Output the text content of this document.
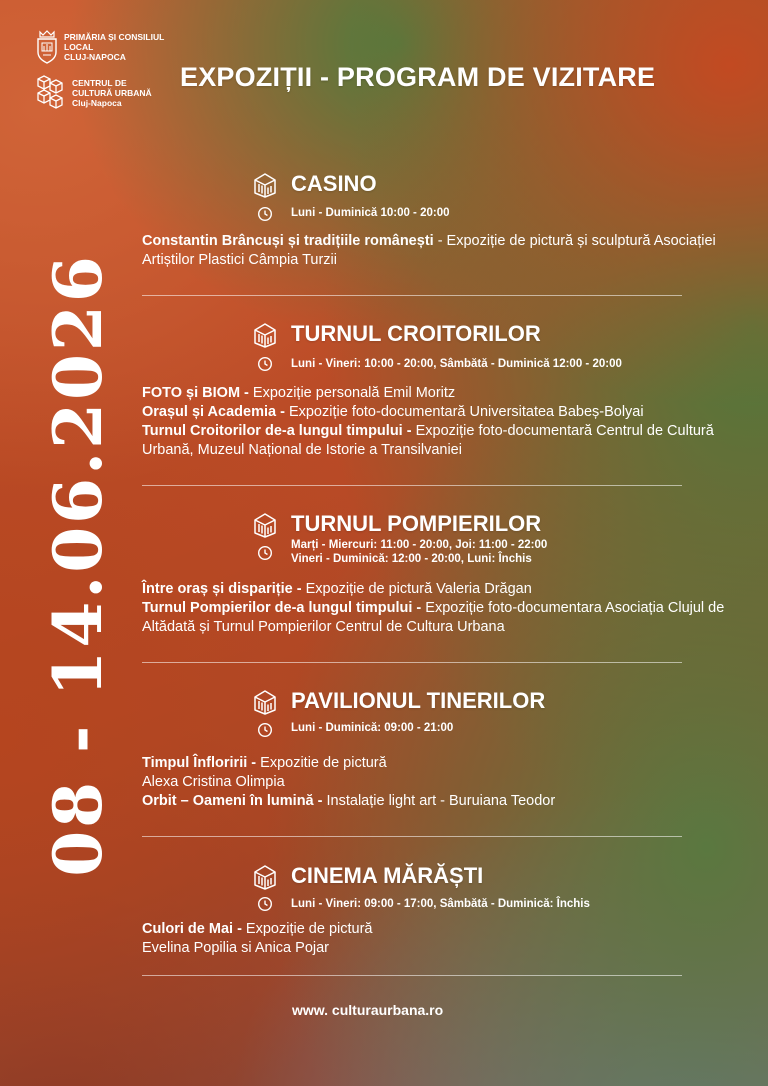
PRIMĂRIA ȘI CONSILIUL LOCAL
CLUJ-NAPOCA
CENTRUL DE CULTURĂ URBANĂ
Cluj-Napoca
EXPOZIȚII - PROGRAM DE VIZITARE
08 - 14.06.2026
CASINO
Luni - Duminică 10:00 - 20:00

Constantin Brâncuși și tradițiile românești - Expoziție de pictură și sculptură Asociației Artiștilor Plastici Câmpia Turzii

TURNUL CROITORILOR
Luni - Vineri: 10:00 - 20:00, Sâmbătă - Duminică 12:00 - 20:00

FOTO și BIOM - Expoziție personală Emil Moritz

Orașul și Academia - Expoziție foto-documentară Universitatea Babeș-Bolyai

Turnul Croitorilor de-a lungul timpului - Expoziție foto-documentară Centrul de Cultură Urbană, Muzeul Național de Istorie a Transilvaniei

TURNUL POMPIERILOR
Marți - Miercuri: 11:00 - 20:00, Joi: 11:00 - 22:00
Vineri - Duminică: 12:00 - 20:00, Luni: Închis

Între oraș și dispariție - Expoziție de pictură Valeria Drăgan

Turnul Pompierilor de-a lungul timpului - Expoziție foto-documentara Asociația Clujul de Altădată și Turnul Pompierilor Centrul de Cultura Urbana

PAVILIONUL TINERILOR
Luni - Duminică: 09:00 - 21:00

Timpul Înfloririi - Expozitie de pictură

Alexa Cristina Olimpia

Orbit – Oameni în lumină - Instalație light art - Buruiana Teodor

CINEMA MĂRĂȘTI
Luni - Vineri: 09:00 - 17:00, Sâmbătă - Duminică: Închis

Culori de Mai - Expoziție de pictură

Evelina Popilia si Anica Pojar

www. culturaurbana.ro
